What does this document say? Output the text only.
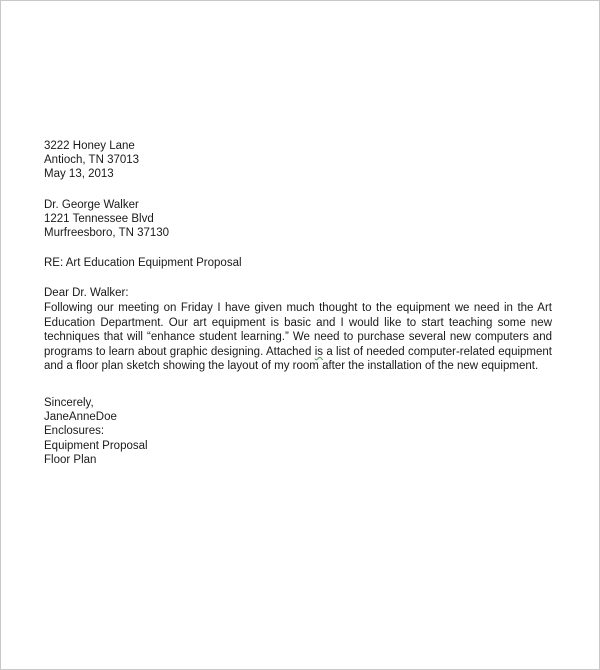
3222 Honey Lane
Antioch, TN 37013
May 13, 2013
Dr. George Walker
1221 Tennessee Blvd
Murfreesboro, TN 37130
RE: Art Education Equipment Proposal
Dear Dr. Walker:

Following our meeting on Friday I have given much thought to the equipment we need in the Art Education Department. Our art equipment is basic and I would like to start teaching some new techniques that will “enhance student learning.” We need to purchase several new computers and programs to learn about graphic designing. Attached is a list of needed computer-related equipment and a floor plan sketch showing the layout of my room after the installation of the new equipment.

Sincerely,
JaneAnneDoe
Enclosures:
Equipment Proposal
Floor Plan
